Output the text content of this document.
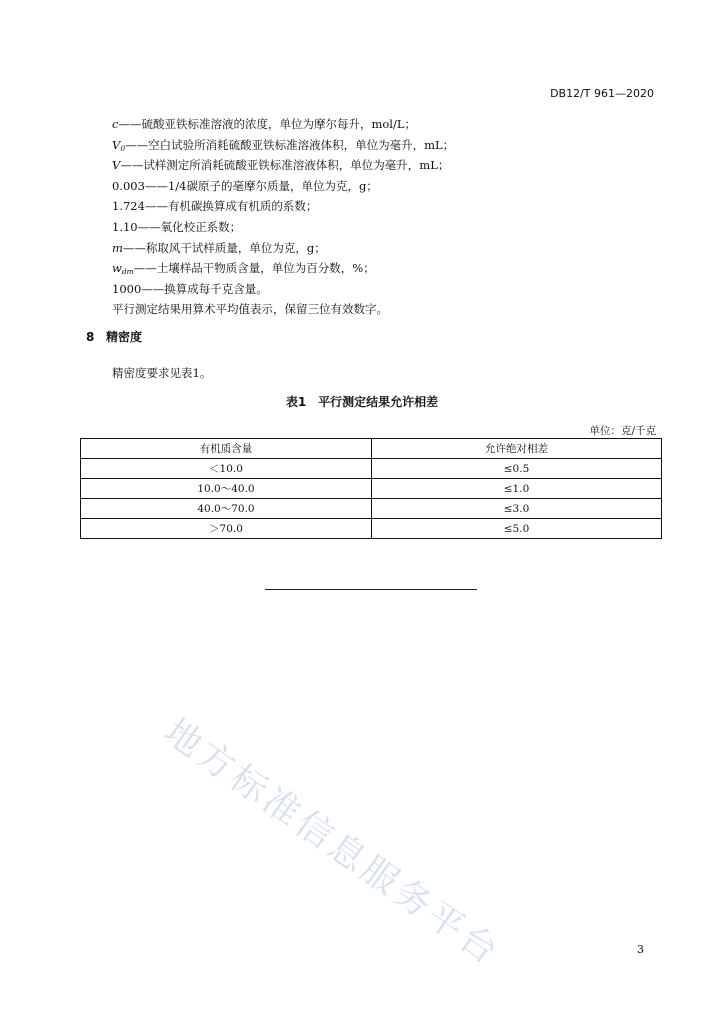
DB12/T 961—2020
c——硫酸亚铁标准溶液的浓度，单位为摩尔每升，mol/L；
$V_0——$空白试验所消耗硫酸亚铁标准溶液体积，单位为毫升，mL；
V——试样测定所消耗硫酸亚铁标准溶液体积，单位为毫升，mL；
0.003——1/4碳原子的毫摩尔质量，单位为克，g；
1.724——有机碳换算成有机质的系数；
1.10——氧化校正系数；
m——称取风干试样质量，单位为克，g；
$w_{dm}——$土壤样品干物质含量，单位为百分数，%；
1000——换算成每千克含量。
平行测定结果用算术平均值表示，保留三位有效数字。
8 精密度
精密度要求见表1。
表1　平行测定结果允许相差
单位：克/千克
有机质含量	允许绝对相差
＜10.0	≤0.5
10.0～40.0	≤1.0
40.0～70.0	≤3.0
＞70.0	≤5.0
地方标准信息服务平台	3
